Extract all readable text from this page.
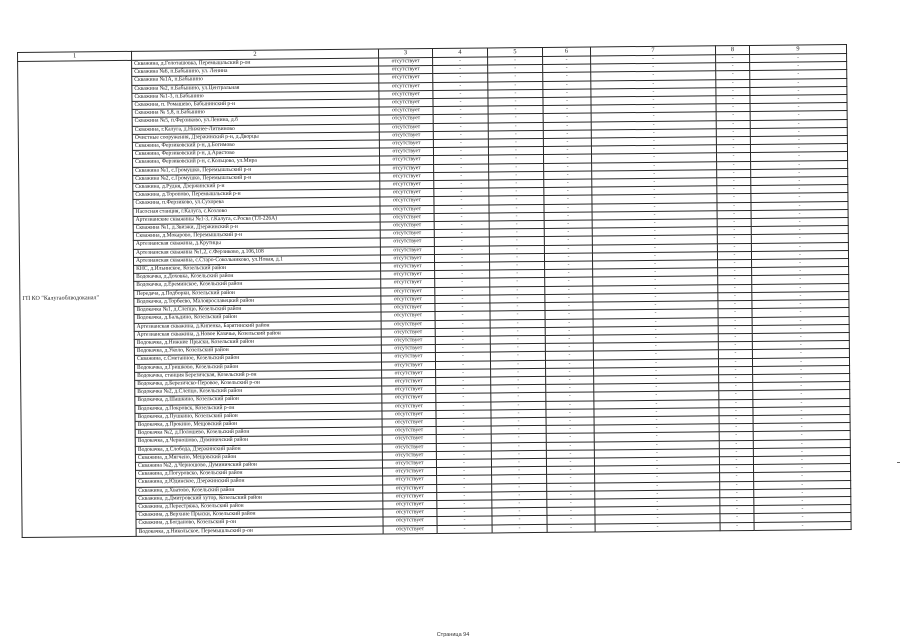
1	2	3	4	5	6	7	8	9
ГП КО "Калугаоблводоканал"	Скважина, д.Голоташовка, Перемышльский р-он	отсутствует	-	-	-	-	-	-
	Скважина №6, п.Бабынино, ул. Ленина	отсутствует	-	-	-	-	-	-
	Скважина №1А, п.Бабынино	отсутствует	-	-	-	-	-	-
	Скважина №2, п.Бабынино, ул.Центральная	отсутствует	-	-	-	-	-	-
	Скважина №1-3, п.Бабынино	отсутствует	-	-	-	-	-	-
	Скважина, п. Ромашево, Бабынинский р-н	отсутствует	-	-	-	-	-	-
	Скважина № 5,8, п.Бабынино	отсутствует	-	-	-	-	-	-
	Скважина №5, п.Ферзиково, ул.Ленина, д.б	отсутствует	-	-	-	-	-	-
	Скважина, г.Калуга, д.Нижнее-Литвиново	отсутствует	-	-	-	-	-	-
	Очистные сооружения, Дзержинский р-н, д.Дворцы	отсутствует	-	-	-	-	-	-
	Скважина, Ферзиковский р-н, д.Богимово	отсутствует	-	-	-	-	-	-
	Скважина, Ферзиковский р-н, д.Аристово	отсутствует	-	-	-	-	-	-
	Скважина, Ферзиковский р-н, с.Кольцово, ул.Мира	отсутствует	-	-	-	-	-	-
	Скважина №1, с.Громушко, Перемышльский р-н	отсутствует	-	-	-	-	-	-
	Скважина №2, с.Громушко, Перемышльский р-н	отсутствует	-	-	-	-	-	-
	Скважина, д.Рудня, Дзержинский р-н	отсутствует	-	-	-	-	-	-
	Скважина, д.Торопово, Перемышльский р-н	отсутствует	-	-	-	-	-	-
	Скважина, п.Ферзиково, ул.Сухорева	отсутствует	-	-	-	-	-	-
	Насосная станция, г.Калуга, с.Козлово	отсутствует	-	-	-	-	-	-
	Артезианские скважины №1-3, г.Калуга, с.Росва (ТЛ-226А)	отсутствует	-	-	-	-	-	-
	Скважина №1, д.Звизжи, Дзержинский р-н	отсутствует	-	-	-	-	-	-
	Скважина, д.Мокарово, Перемышльский р-н	отсутствует	-	-	-	-	-	-
	Артезианская скважина, д.Крутицы	отсутствует	-	-	-	-	-	-
	Артезианская скважина №1,2, с.Ферзиково, д.106,108	отсутствует	-	-	-	-	-	-
	Артезианская скважина, с.Старо-Сокольниково, ул.Новая, д.1	отсутствует	-	-	-	-	-	-
	КНС, д.Ильинское, Козельский район	отсутствует	-	-	-	-	-	-
	Водокачка, д.Доховка, Козельский район	отсутствует	-	-	-	-	-	-
	Водокачка, д.Ереминское, Козельский район	отсутствует	-	-	-	-	-	-
	Передача, д.Подборки, Козельский район	отсутствует	-	-	-	-	-	-
	Водокачка, д.Торбеево, Малоярославецкий район	отсутствует	-	-	-	-	-	-
	Водокачка №1, д.Слепцо, Козельский район	отсутствует	-	-	-	-	-	-
	Водокачка, д.Бальдино, Козельский район	отсутствует	-	-	-	-	-	-
	Артезианская скважина, д.Кипенка, Барятинский район	отсутствует	-	-	-	-	-	-
	Артезианская скважина, д.Новое Казачье, Козельский район	отсутствует	-	-	-	-	-	-
	Водокачка, д.Нижние Прыски, Козельский район	отсутствует	-	-	-	-	-	-
	Водокачка, д.Уколо, Козельский район	отсутствует	-	-	-	-	-	-
	Скважина, с.Сметанное, Козельский район	отсутствует	-	-	-	-	-	-
	Водокачка, д.Гришково, Козельский район	отсутствует	-	-	-	-	-	-
	Водокачка, станция Березичская, Козельский р-он	отсутствует	-	-	-	-	-	-
	Водокачка, д.Березичско-Перовое, Козельский р-он	отсутствует	-	-	-	-	-	-
	Водокачка №2, д.Слепцо, Козельский район	отсутствует	-	-	-	-	-	-
	Водокачка, д.Шашкино, Козельский район	отсутствует	-	-	-	-	-	-
	Водокачка, д.Покровск, Козельский р-он	отсутствует	-	-	-	-	-	-
	Водокачка, д.Пушкино, Козельский район	отсутствует	-	-	-	-	-	-
	Водокачка, д.Прокино, Мещовский район	отсутствует	-	-	-	-	-	-
	Водокачка №2, д.Полошево, Козельский район	отсутствует	-	-	-	-	-	-
	Водокачка, д.Черношово, Думиничский район	отсутствует	-	-	-	-	-	-
	Водокачка, д.Слобода, Дзержинский район	отсутствует	-	-	-	-	-	-
	Скважина, д.Мягчено, Мещовский район	отсутствует	-	-	-	-	-	-
	Скважина №2, д.Черношово, Думиничский район	отсутствует	-	-	-	-	-	-
	Скважина, д.Погуровско, Козельский район	отсутствует	-	-	-	-	-	-
	Скважина, д.Юдинское, Дзержинский район	отсутствует	-	-	-	-	-	-
	Скважина, д.Хватово, Козельский район	отсутствует	-	-	-	-	-	-
	Скважина, д.Дмитровский хутор, Козельский район	отсутствует	-	-	-	-	-	-
	Скважина, д.Перестряжа, Козельский район	отсутствует	-	-	-	-	-	-
	Скважина, д.Верхние Прыски, Козельский район	отсутствует	-	-	-	-	-	-
	Скважина, д.Богданово, Козельский р-он	отсутствует	-	-	-	-	-	-
	Водокачка, д.Никольское, Перемышльский р-он	отсутствует	-	-	-	-	-	-
Страница 94
